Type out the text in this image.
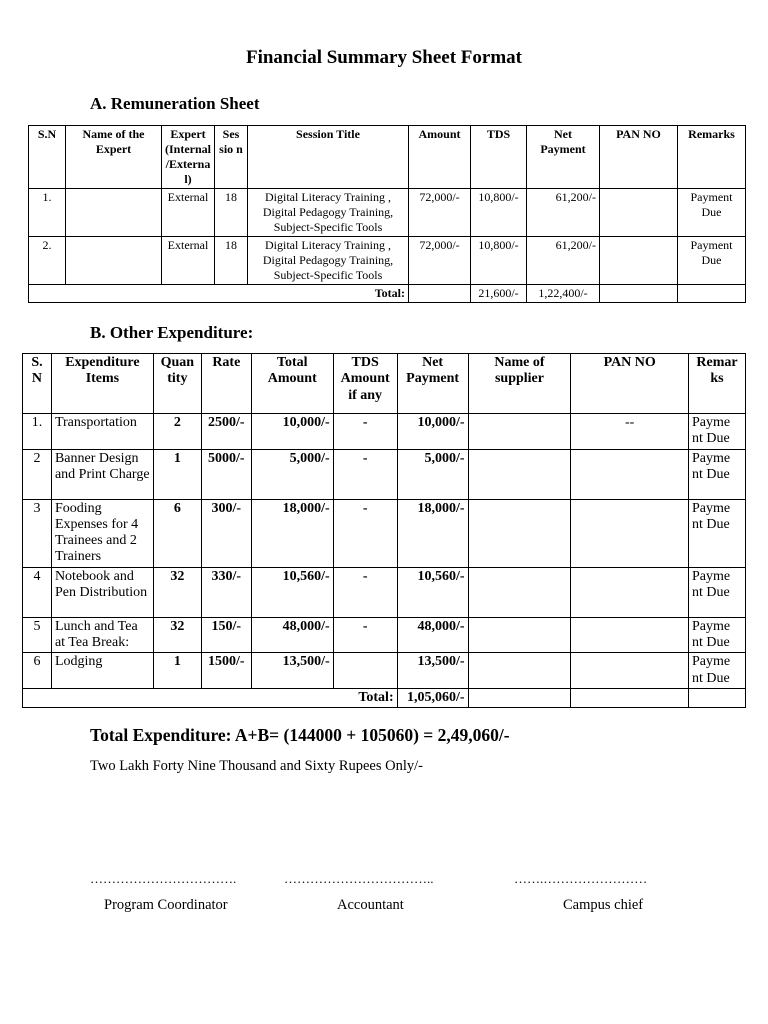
Financial Summary Sheet Format
A. Remuneration Sheet
S.N	Name of the Expert	Expert (Internal /Externa l)	Ses sio n	Session Title	Amount	TDS	Net Payment	PAN NO	Remarks
1.		External	18	Digital Literacy Training , Digital Pedagogy Training, Subject-Specific Tools	72,000/-	10,800/-	61,200/-		Payment Due
2.		External	18	Digital Literacy Training , Digital Pedagogy Training, Subject-Specific Tools	72,000/-	10,800/-	61,200/-		Payment Due
Total:						21,600/-	1,22,400/-		
B. Other Expenditure:
S. N	Expenditure Items	Quan tity	Rate	Total Amount	TDS Amount if any	Net Payment	Name of supplier	PAN NO	Remar ks
1.	Transportation	2	2500/-	10,000/-	-	10,000/-		--	Payme nt Due
2	Banner Design and Print Charge	1	5000/-	5,000/-	-	5,000/-			Payme nt Due
3	Fooding Expenses for 4 Trainees and 2 Trainers	6	300/-	18,000/-	-	18,000/-			Payme nt Due
4	Notebook and Pen Distribution	32	330/-	10,560/-	-	10,560/-			Payme nt Due
5	Lunch and Tea at Tea Break:	32	150/-	48,000/-	-	48,000/-			Payme nt Due
6	Lodging	1	1500/-	13,500/-		13,500/-			Payme nt Due
Total:						1,05,060/-			
Total Expenditure: A+B= (144000 + 105060) = 2,49,060/-
Two Lakh Forty Nine Thousand and Sixty Rupees Only/-
…………………………….	……………………………..	…….……………………
Program Coordinator	Accountant	Campus chief
